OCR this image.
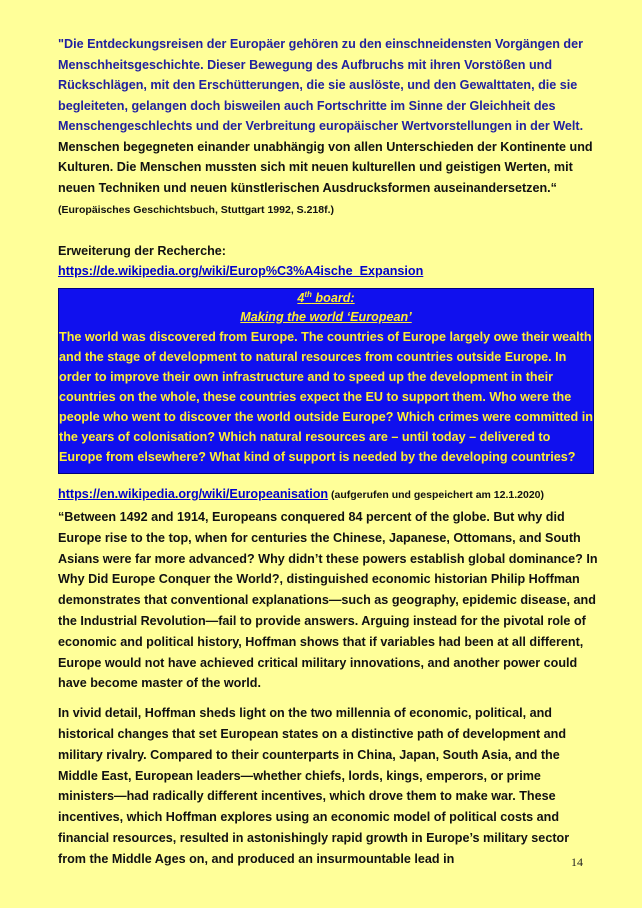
"Die Entdeckungsreisen der Europäer gehören zu den einschneidensten Vorgängen der Menschheitsgeschichte. Dieser Bewegung des Aufbruchs mit ihren Vorstößen und Rückschlägen, mit den Erschütterungen, die sie auslöste, und den Gewalttaten, die sie begleiteten, gelangen doch bisweilen auch Fortschritte im Sinne der Gleichheit des Menschengeschlechts und der Verbreitung europäischer Wertvorstellungen in der Welt.
Menschen begegneten einander unabhängig von allen Unterschieden der Kontinente und Kulturen. Die Menschen mussten sich mit neuen kulturellen und geistigen Werten, mit neuen Techniken und neuen künstlerischen Ausdrucksformen auseinandersetzen.“ (Europäisches Geschichtsbuch, Stuttgart 1992, S.218f.)

Erweiterung der Recherche:

https://de.wikipedia.org/wiki/Europ%C3%A4ische_Expansion

4th board:

Making the world ‘European’

The world was discovered from Europe. The countries of Europe largely owe their wealth and the stage of development to natural resources from countries outside Europe. In order to improve their own infrastructure and to speed up the development in their countries on the whole, these countries expect the EU to support them. Who were the people who went to discover the world outside Europe? Which crimes were committed in the years of colonisation? Which natural resources are – until today – delivered to Europe from elsewhere? What kind of support is needed by the developing countries?

https://en.wikipedia.org/wiki/Europeanisation (aufgerufen und gespeichert am 12.1.2020)

“Between 1492 and 1914, Europeans conquered 84 percent of the globe. But why did Europe rise to the top, when for centuries the Chinese, Japanese, Ottomans, and South Asians were far more advanced? Why didn’t these powers establish global dominance? In Why Did Europe Conquer the World?, distinguished economic historian Philip Hoffman demonstrates that conventional explanations—such as geography, epidemic disease, and the Industrial Revolution—fail to provide answers. Arguing instead for the pivotal role of economic and political history, Hoffman shows that if variables had been at all different, Europe would not have achieved critical military innovations, and another power could have become master of the world.

In vivid detail, Hoffman sheds light on the two millennia of economic, political, and historical changes that set European states on a distinctive path of development and military rivalry. Compared to their counterparts in China, Japan, South Asia, and the Middle East, European leaders—whether chiefs, lords, kings, emperors, or prime ministers—had radically different incentives, which drove them to make war. These incentives, which Hoffman explores using an economic model of political costs and financial resources, resulted in astonishingly rapid growth in Europe’s military sector from the Middle Ages on, and produced an insurmountable lead in	14
